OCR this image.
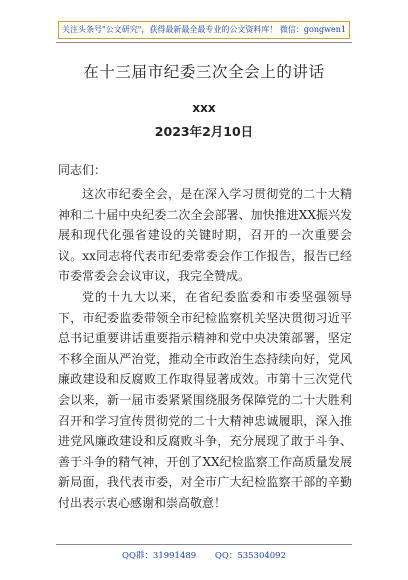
关注头条号"公文研究"，获得最新最全最专业的公文资料库！ 微信：gongwen1
在十三届市纪委三次全会上的讲话
xxx
2023年2月10日
同志们：

这次市纪委全会，是在深入学习贯彻党的二十大精神和二十届中央纪委二次全会部署、加快推进XX振兴发展和现代化强省建设的关键时期，召开的一次重要会议。xx同志将代表市纪委常委会作工作报告，报告已经市委常委会会议审议，我完全赞成。

党的十九大以来，在省纪委监委和市委坚强领导下，市纪委监委带领全市纪检监察机关坚决贯彻习近平总书记重要讲话重要指示精神和党中央决策部署，坚定不移全面从严治党，推动全市政治生态持续向好，党风廉政建设和反腐败工作取得显著成效。市第十三次党代会以来，新一届市委紧紧围绕服务保障党的二十大胜利召开和学习宣传贯彻党的二十大精神忠诚履职，深入推进党风廉政建设和反腐败斗争，充分展现了敢于斗争、善于斗争的精气神，开创了XX纪检监察工作高质量发展新局面，我代表市委，对全市广大纪检监察干部的辛勤付出表示衷心感谢和崇高敬意！

QQ群：31991489 QQ：535304092
